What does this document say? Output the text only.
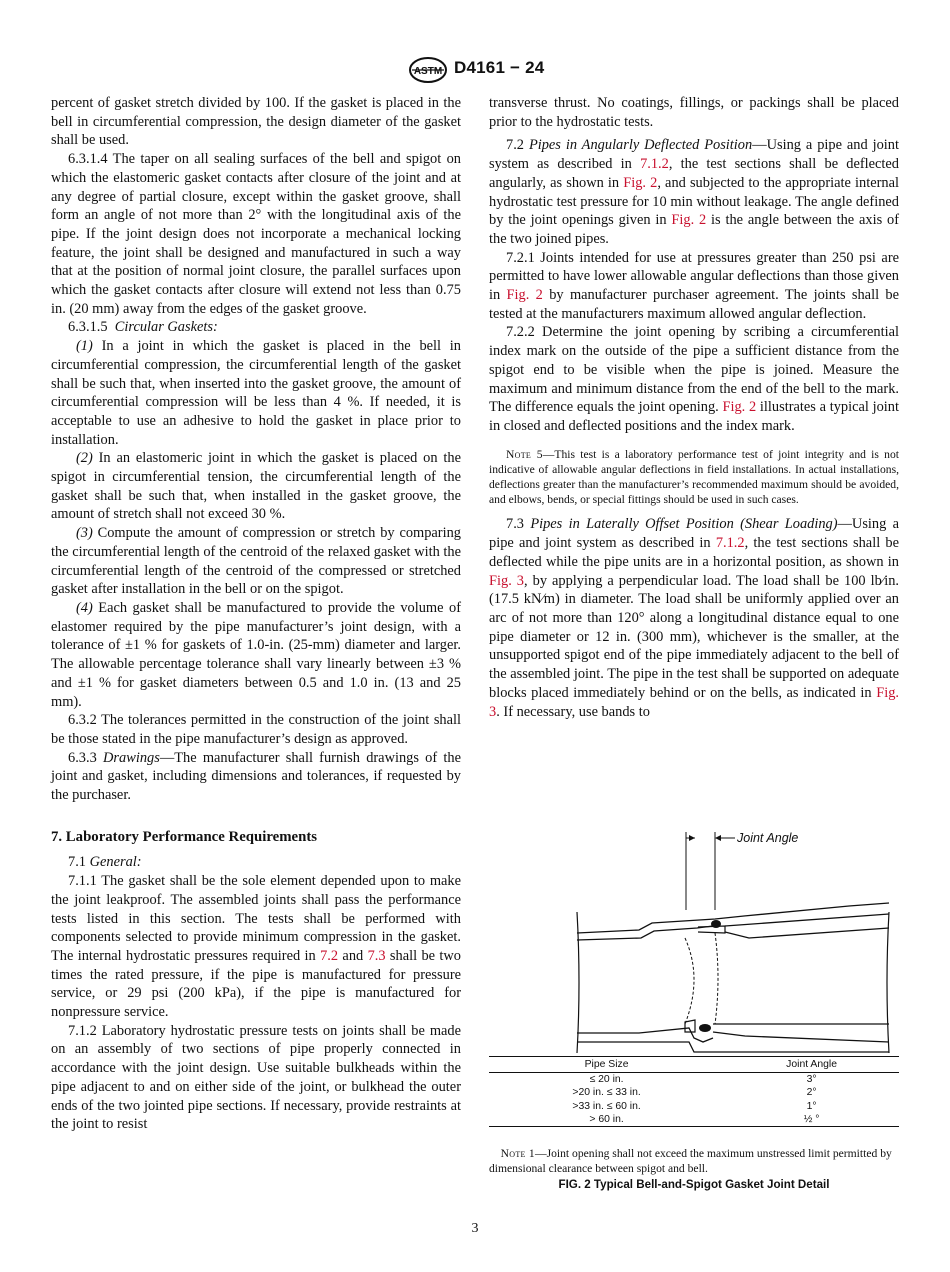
ASTM D4161 − 24

percent of gasket stretch divided by 100. If the gasket is placed in the bell in circumferential compression, the design diameter of the gasket shall be used.

6.3.1.4 The taper on all sealing surfaces of the bell and spigot on which the elastomeric gasket contacts after closure of the joint and at any degree of partial closure, except within the gasket groove, shall form an angle of not more than 2° with the longitudinal axis of the pipe. If the joint design does not incorporate a mechanical locking feature, the joint shall be designed and manufactured in such a way that at the position of normal joint closure, the parallel surfaces upon which the gasket contacts after closure will extend not less than 0.75 in. (20 mm) away from the edges of the gasket groove.

6.3.1.5 Circular Gaskets:

(1) In a joint in which the gasket is placed in the bell in circumferential compression, the circumferential length of the gasket shall be such that, when inserted into the gasket groove, the amount of circumferential compression will be less than 4 %. If needed, it is acceptable to use an adhesive to hold the gasket in place prior to installation.

(2) In an elastomeric joint in which the gasket is placed on the spigot in circumferential tension, the circumferential length of the gasket shall be such that, when installed in the gasket groove, the amount of stretch shall not exceed 30 %.

(3) Compute the amount of compression or stretch by comparing the circumferential length of the centroid of the relaxed gasket with the circumferential length of the centroid of the compressed or stretched gasket after installation in the bell or on the spigot.

(4) Each gasket shall be manufactured to provide the volume of elastomer required by the pipe manufacturer’s joint design, with a tolerance of ±1 % for gaskets of 1.0-in. (25-mm) diameter and larger. The allowable percentage tolerance shall vary linearly between ±3 % and ±1 % for gasket diameters between 0.5 and 1.0 in. (13 and 25 mm).

6.3.2 The tolerances permitted in the construction of the joint shall be those stated in the pipe manufacturer’s design as approved.

6.3.3 Drawings—The manufacturer shall furnish drawings of the joint and gasket, including dimensions and tolerances, if requested by the purchaser.

7. Laboratory Performance Requirements

7.1 General:

7.1.1 The gasket shall be the sole element depended upon to make the joint leakproof. The assembled joints shall pass the performance tests listed in this section. The tests shall be performed with components selected to provide minimum compression in the gasket. The internal hydrostatic pressures required in 7.2 and 7.3 shall be two times the rated pressure, if the pipe is manufactured for pressure service, or 29 psi (200 kPa), if the pipe is manufactured for nonpressure service.

7.1.2 Laboratory hydrostatic pressure tests on joints shall be made on an assembly of two sections of pipe properly connected in accordance with the joint design. Use suitable bulkheads within the pipe adjacent to and on either side of the joint, or bulkhead the outer ends of the two jointed pipe sections. If necessary, provide restraints at the joint to resist

transverse thrust. No coatings, fillings, or packings shall be placed prior to the hydrostatic tests.

7.2 Pipes in Angularly Deflected Position—Using a pipe and joint system as described in 7.1.2, the test sections shall be deflected angularly, as shown in Fig. 2, and subjected to the appropriate internal hydrostatic test pressure for 10 min without leakage. The angle defined by the joint openings given in Fig. 2 is the angle between the axis of the two joined pipes.

7.2.1 Joints intended for use at pressures greater than 250 psi are permitted to have lower allowable angular deflections than those given in Fig. 2 by manufacturer purchaser agreement. The joints shall be tested at the manufacturers maximum allowed angular deflection.

7.2.2 Determine the joint opening by scribing a circumferential index mark on the outside of the pipe a sufficient distance from the spigot end to be visible when the pipe is joined. Measure the maximum and minimum distance from the end of the bell to the mark. The difference equals the joint opening. Fig. 2 illustrates a typical joint in closed and deflected positions and the index mark.

Note 5—This test is a laboratory performance test of joint integrity and is not indicative of allowable angular deflections in field installations. In actual installations, deflections greater than the manufacturer’s recommended maximum should be avoided, and elbows, bends, or special fittings should be used in such cases.

7.3 Pipes in Laterally Offset Position (Shear Loading)—Using a pipe and joint system as described in 7.1.2, the test sections shall be deflected while the pipe units are in a horizontal position, as shown in Fig. 3, by applying a perpendicular load. The load shall be 100 lb⁄in. (17.5 kN⁄m) in diameter. The load shall be uniformly applied over an arc of not more than 120° along a longitudinal distance equal to one pipe diameter or 12 in. (300 mm), whichever is the smaller, at the unsupported spigot end of the pipe immediately adjacent to the bell of the assembled joint. The pipe in the test shall be supported on adequate blocks placed immediately behind or on the bells, as indicated in Fig. 3. If necessary, use bands to

Joint Angle
Pipe Size	Joint Angle
≤ 20 in.	3°
>20 in. ≤ 33 in.	2°
>33 in. ≤ 60 in.	1°
> 60 in.	½ °

Note 1—Joint opening shall not exceed the maximum unstressed limit permitted by dimensional clearance between spigot and bell.

FIG. 2 Typical Bell-and-Spigot Gasket Joint Detail
3
